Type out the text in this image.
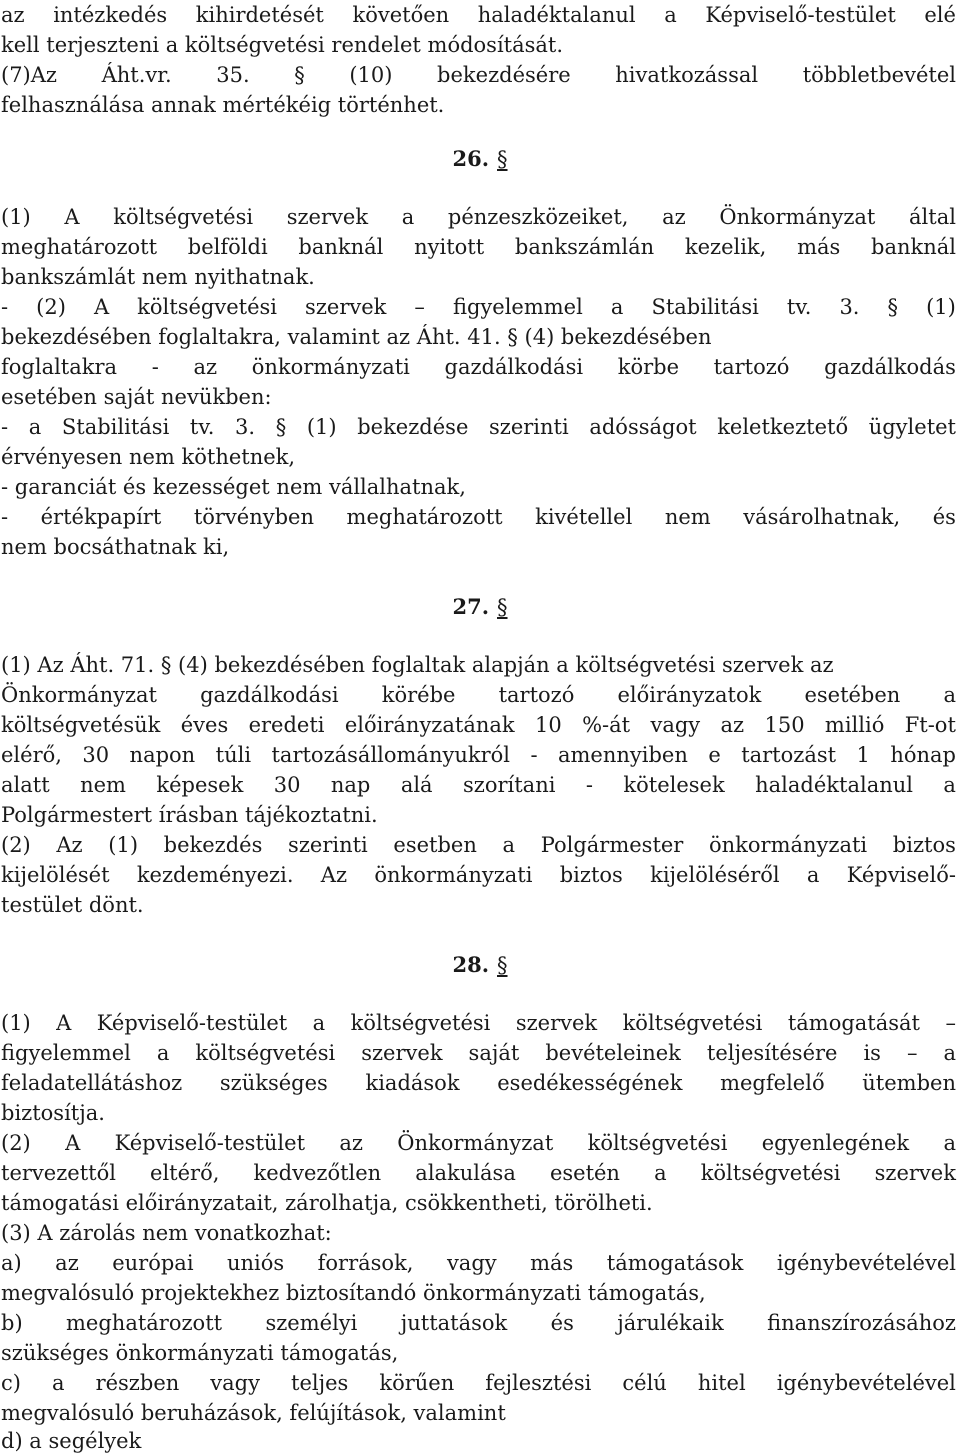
26. §
27. §
28. §
az intézkedés kihirdetését követően haladéktalanul a Képviselő-testület elé
kell terjeszteni a költségvetési rendelet módosítását.
(7)Az Áht.vr. 35. § (10) bekezdésére hivatkozással többletbevétel
felhasználása annak mértékéig történhet.
(1) A költségvetési szervek a pénzeszközeiket, az Önkormányzat által
meghatározott belföldi banknál nyitott bankszámlán kezelik, más banknál
bankszámlát nem nyithatnak.
- (2) A költségvetési szervek – figyelemmel a Stabilitási tv. 3. § (1)
bekezdésében foglaltakra, valamint az Áht. 41. § (4) bekezdésében
foglaltakra - az önkormányzati gazdálkodási körbe tartozó gazdálkodás
esetében saját nevükben:
- a Stabilitási tv. 3. § (1) bekezdése szerinti adósságot keletkeztető ügyletet
érvényesen nem köthetnek,
- garanciát és kezességet nem vállalhatnak,
- értékpapírt törvényben meghatározott kivétellel nem vásárolhatnak, és
nem bocsáthatnak ki,
(1) Az Áht. 71. § (4) bekezdésében foglaltak alapján a költségvetési szervek az
Önkormányzat gazdálkodási körébe tartozó előirányzatok esetében a
költségvetésük éves eredeti előirányzatának 10 %-át vagy az 150 millió Ft-ot
elérő, 30 napon túli tartozásállományukról - amennyiben e tartozást 1 hónap
alatt nem képesek 30 nap alá szorítani - kötelesek haladéktalanul a
Polgármestert írásban tájékoztatni.
(2) Az (1) bekezdés szerinti esetben a Polgármester önkormányzati biztos
kijelölését kezdeményezi. Az önkormányzati biztos kijelöléséről a Képviselő-
testület dönt.
(1) A Képviselő-testület a költségvetési szervek költségvetési támogatását –
figyelemmel a költségvetési szervek saját bevételeinek teljesítésére is – a
feladatellátáshoz szükséges kiadások esedékességének megfelelő ütemben
biztosítja.
(2) A Képviselő-testület az Önkormányzat költségvetési egyenlegének a
tervezettől eltérő, kedvezőtlen alakulása esetén a költségvetési szervek
támogatási előirányzatait, zárolhatja, csökkentheti, törölheti.
(3) A zárolás nem vonatkozhat:
a) az európai uniós források, vagy más támogatások igénybevételével
megvalósuló projektekhez biztosítandó önkormányzati támogatás,
b) meghatározott személyi juttatások és járulékaik finanszírozásához
szükséges önkormányzati támogatás,
c) a részben vagy teljes körűen fejlesztési célú hitel igénybevételével
megvalósuló beruházások, felújítások, valamint
d) a segélyek
